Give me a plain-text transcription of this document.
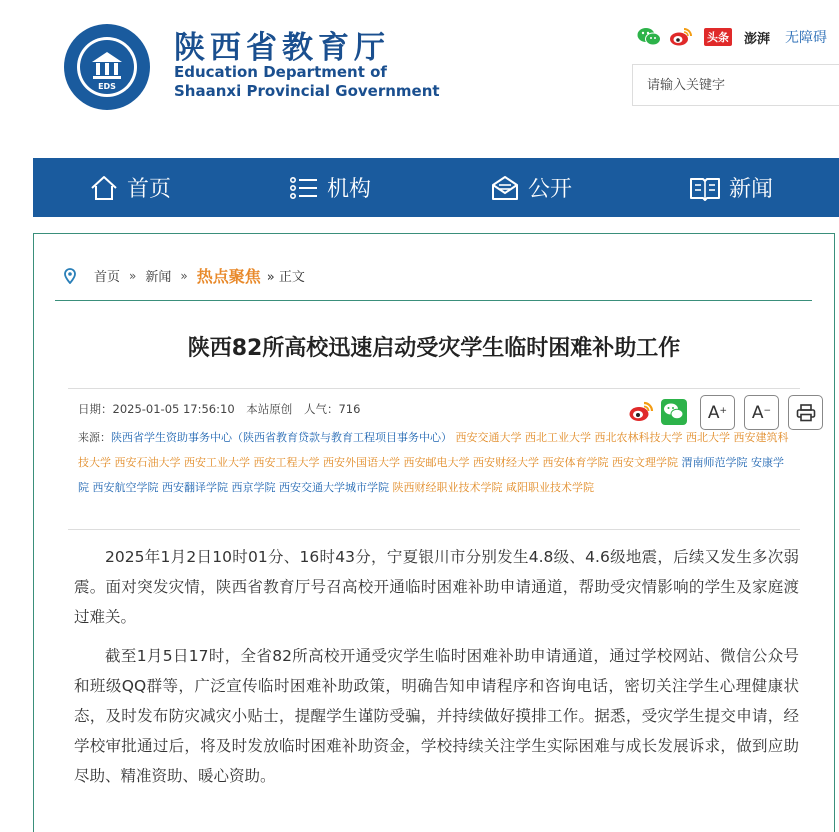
EDS
陕西省教育厅
Education Department of
Shaanxi Provincial Government
头条 澎湃 无障碍
请输入关键字
首页	机构	公开	新闻
首页 » 新闻 » 热点聚焦 » 正文
陕西82所高校迅速启动受灾学生临时困难补助工作
日期：2025-01-05 17:56:10 本站原创 人气：716	A+ A−
来源：陕西省学生资助事务中心（陕西省教育贷款与教育工程项目事务中心） 西安交通大学 西北工业大学 西北农林科技大学 西北大学 西安建筑科技大学 西安石油大学 西安工业大学 西安工程大学 西安外国语大学 西安邮电大学 西安财经大学 西安体育学院 西安文理学院 渭南师范学院 安康学院 西安航空学院 西安翻译学院 西京学院 西安交通大学城市学院 陕西财经职业技术学院 咸阳职业技术学院

2025年1月2日10时01分、16时43分，宁夏银川市分别发生4.8级、4.6级地震，后续又发生多次弱震。面对突发灾情，陕西省教育厅号召高校开通临时困难补助申请通道，帮助受灾情影响的学生及家庭渡过难关。

截至1月5日17时，全省82所高校开通受灾学生临时困难补助申请通道，通过学校网站、微信公众号和班级QQ群等，广泛宣传临时困难补助政策，明确告知申请程序和咨询电话，密切关注学生心理健康状态，及时发布防灾减灾小贴士，提醒学生谨防受骗，并持续做好摸排工作。据悉，受灾学生提交申请，经学校审批通过后，将及时发放临时困难补助资金，学校持续关注学生实际困难与成长发展诉求，做到应助尽助、精准资助、暖心资助。
